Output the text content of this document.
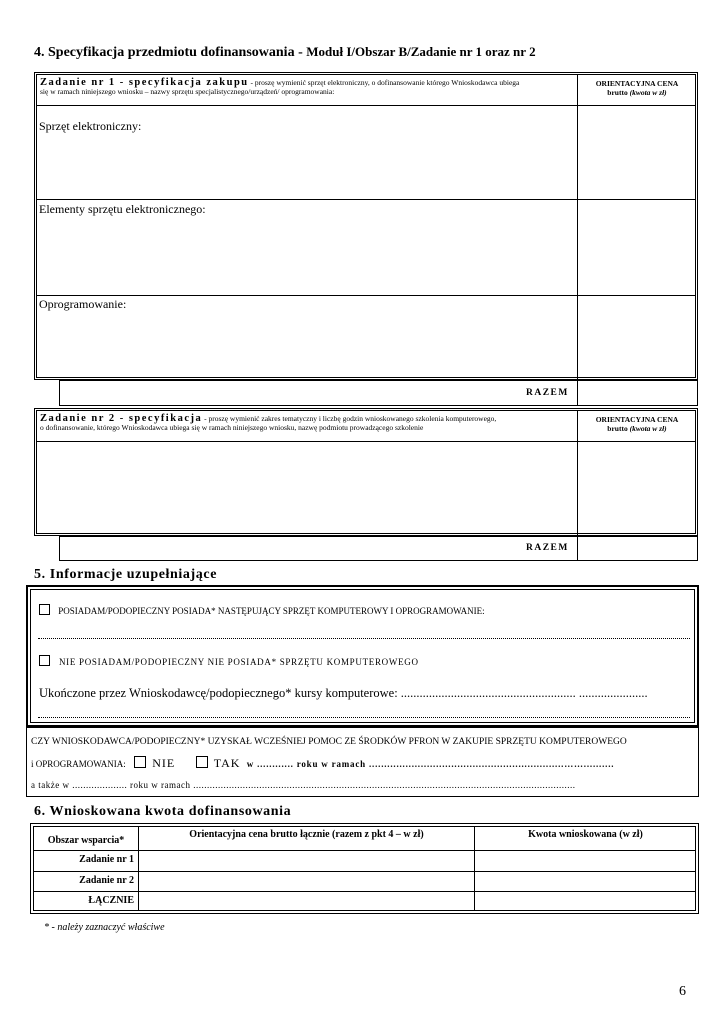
4. Specyfikacja przedmiotu dofinansowania - Moduł I/Obszar B/Zadanie nr 1 oraz nr 2
Zadanie nr 1 - specyfikacja zakupu - proszę wymienić sprzęt elektroniczny, o dofinansowanie którego Wnioskodawca ubiega
się w ramach niniejszego wniosku – nazwy sprzętu specjalistycznego/urządzeń/ oprogramowania:
ORIENTACYJNA CENA
brutto (kwota w zł)
Sprzęt elektroniczny:
Elementy sprzętu elektronicznego:
Oprogramowanie:
RAZEM
Zadanie nr 2 - specyfikacja - proszę wymienić zakres tematyczny i liczbę godzin wnioskowanego szkolenia komputerowego,
o dofinansowanie, którego Wnioskodawca ubiega się w ramach niniejszego wniosku, nazwę podmiotu prowadzącego szkolenie
ORIENTACYJNA CENA
brutto (kwota w zł)
RAZEM
5. Informacje uzupełniające
POSIADAM/PODOPIECZNY POSIADA* NASTĘPUJĄCY SPRZĘT KOMPUTEROWY I OPROGRAMOWANIE:
NIE POSIADAM/PODOPIECZNY NIE POSIADA* SPRZĘTU KOMPUTEROWEGO
Ukończone przez Wnioskodawcę/podopiecznego* kursy komputerowe: ........................................................ ......................
CZY WNIOSKODAWCA/PODOPIECZNY* UZYSKAŁ WCZEŚNIEJ POMOC ZE ŚRODKÓW PFRON W ZAKUPIE SPRZĘTU KOMPUTEROWEGO
i OPROGRAMOWANIA: NIE	TAK w ............ roku w ramach ................................................................……..........
a także w .................... roku w ramach ...........................................................................................................................................
6. Wnioskowana kwota dofinansowania
Obszar wsparcia*
Orientacyjna cena brutto łącznie (razem z pkt 4 – w zł)	Kwota wnioskowana (w zł)
Zadanie nr 1
Zadanie nr 2
ŁĄCZNIE
* - należy zaznaczyć właściwe
6
